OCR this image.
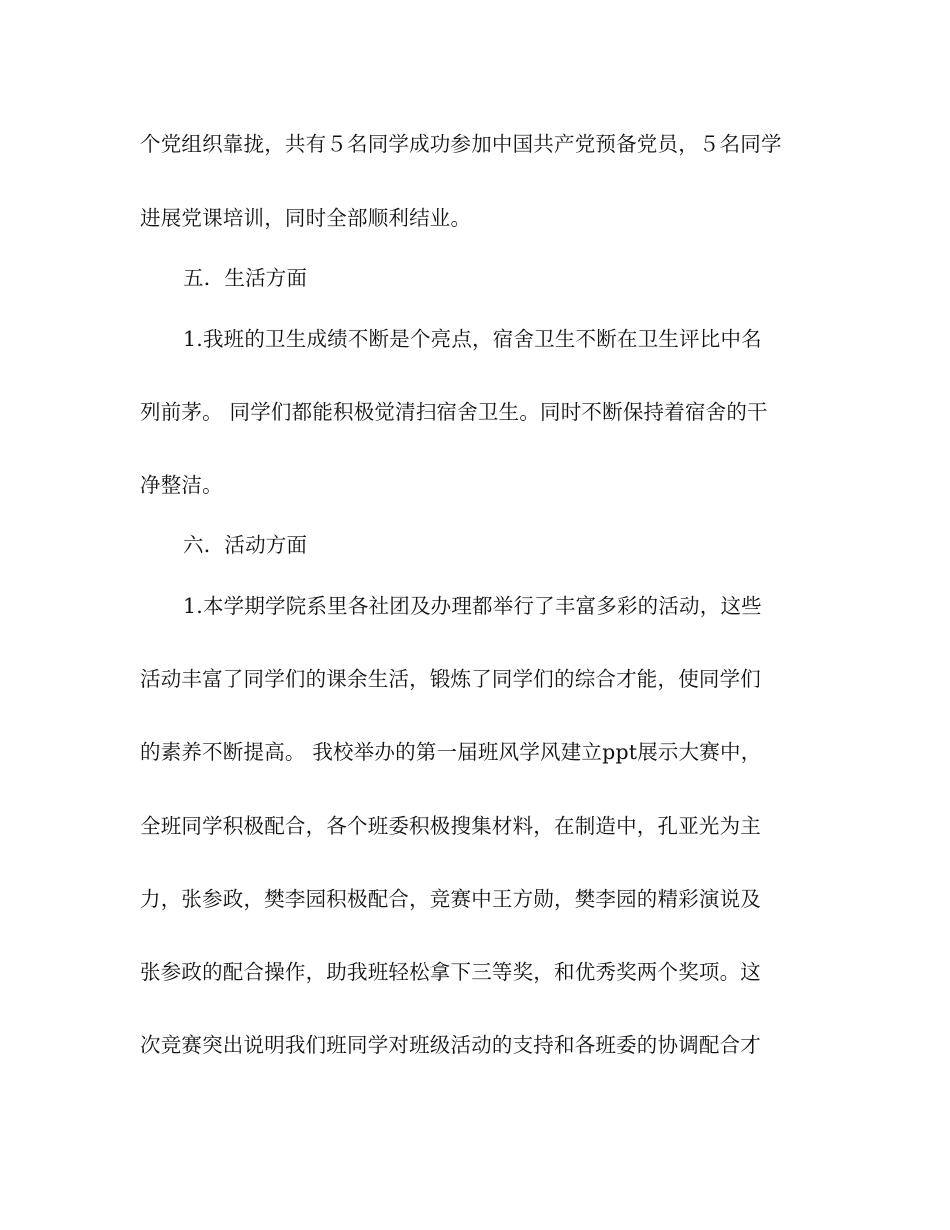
个党组织靠拢，共有５名同学成功参加中国共产党预备党员，５名同学
进展党课培训，同时全部顺利结业。
五．生活方面
1.我班的卫生成绩不断是个亮点，宿舍卫生不断在卫生评比中名
列前茅。 同学们都能积极觉清扫宿舍卫生。同时不断保持着宿舍的干
净整洁。
六．活动方面
1.本学期学院系里各社团及办理都举行了丰富多彩的活动，这些
活动丰富了同学们的课余生活，锻炼了同学们的综合才能，使同学们
的素养不断提高。 我校举办的第一届班风学风建立ppt展示大赛中，
全班同学积极配合，各个班委积极搜集材料，在制造中，孔亚光为主
力，张参政，樊李园积极配合，竞赛中王方勋，樊李园的精彩演说及
张参政的配合操作，助我班轻松拿下三等奖，和优秀奖两个奖项。这
次竞赛突出说明我们班同学对班级活动的支持和各班委的协调配合才
